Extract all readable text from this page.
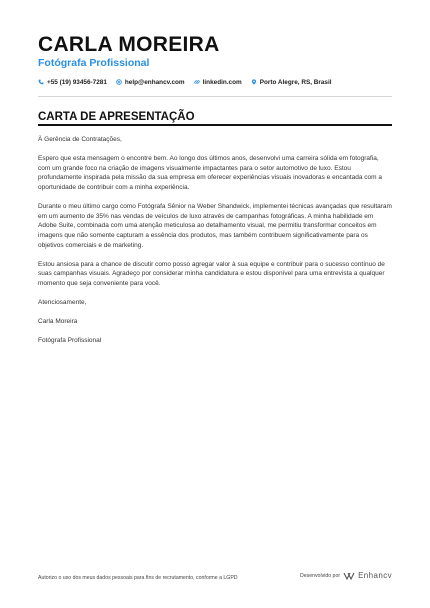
CARLA MOREIRA
Fotógrafa Profissional
+55 (19) 93456-7281	help@enhancv.com	linkedin.com	Porto Alegre, RS, Brasil
CARTA DE APRESENTAÇÃO

À Gerência de Contratações,

Espero que esta mensagem o encontre bem. Ao longo dos últimos anos, desenvolvi uma carreira sólida em fotografia, com um grande foco na criação de imagens visualmente impactantes para o setor automotivo de luxo. Estou profundamente inspirada pela missão da sua empresa em oferecer experiências visuais inovadoras e encantada com a oportunidade de contribuir com a minha experiência.

Durante o meu último cargo como Fotógrafa Sênior na Weber Shandwick, implementei técnicas avançadas que resultaram em um aumento de 35% nas vendas de veículos de luxo através de campanhas fotográficas. A minha habilidade em Adobe Suite, combinada com uma atenção meticulosa ao detalhamento visual, me permitiu transformar conceitos em imagens que não somente capturam a essência dos produtos, mas também contribuem significativamente para os objetivos comerciais e de marketing.

Estou ansiosa para a chance de discutir como posso agregar valor à sua equipe e contribuir para o sucesso contínuo de suas campanhas visuais. Agradeço por considerar minha candidatura e estou disponível para uma entrevista a qualquer momento que seja conveniente para você.

Atenciosamente,

Carla Moreira

Fotógrafa Profissional

Autorizo o uso dos meus dados pessoais para fins de recrutamento, conforme a LGPD	Desenvolvido por Enhancv
